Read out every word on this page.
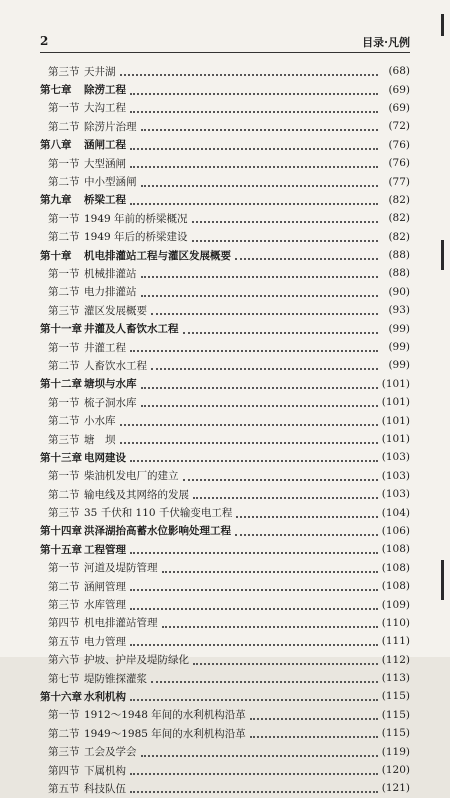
2	目录·凡例
第三节 天井湖	(68)
第七章	除涝工程	(69)
第一节 大沟工程	(69)
第二节 除涝片治理	(72)
第八章	涵闸工程	(76)
第一节 大型涵闸	(76)
第二节 中小型涵闸	(77)
第九章	桥梁工程	(82)
第一节 1949 年前的桥梁概况	(82)
第二节 1949 年后的桥梁建设	(82)
第十章	机电排灌站工程与灌区发展概要	(88)
第一节 机械排灌站	(88)
第二节 电力排灌站	(90)
第三节 灌区发展概要	(93)
第十一章 井灌及人畜饮水工程	(99)
第一节 井灌工程	(99)
第二节 人畜饮水工程	(99)
第十二章 塘坝与水库	(101)
第一节 梳子洞水库	(101)
第二节 小水库	(101)
第三节 塘　坝	(101)
第十三章 电网建设	(103)
第一节 柴油机发电厂的建立	(103)
第二节 输电线及其网络的发展	(103)
第三节 35 千伏和 110 千伏输变电工程	(104)
第十四章 洪泽湖抬高蓄水位影响处理工程	(106)
第十五章 工程管理	(108)
第一节 河道及堤防管理	(108)
第二节 涵闸管理	(108)
第三节 水库管理	(109)
第四节 机电排灌站管理	(110)
第五节 电力管理	(111)
第六节 护坡、护岸及堤防绿化	(112)
第七节 堤防锥探灌浆	(113)
第十六章 水利机构	(115)
第一节 1912～1948 年间的水利机构沿革	(115)
第二节 1949～1985 年间的水利机构沿革	(115)
第三节 工会及学会	(119)
第四节 下属机构	(120)
第五节 科技队伍	(121)
